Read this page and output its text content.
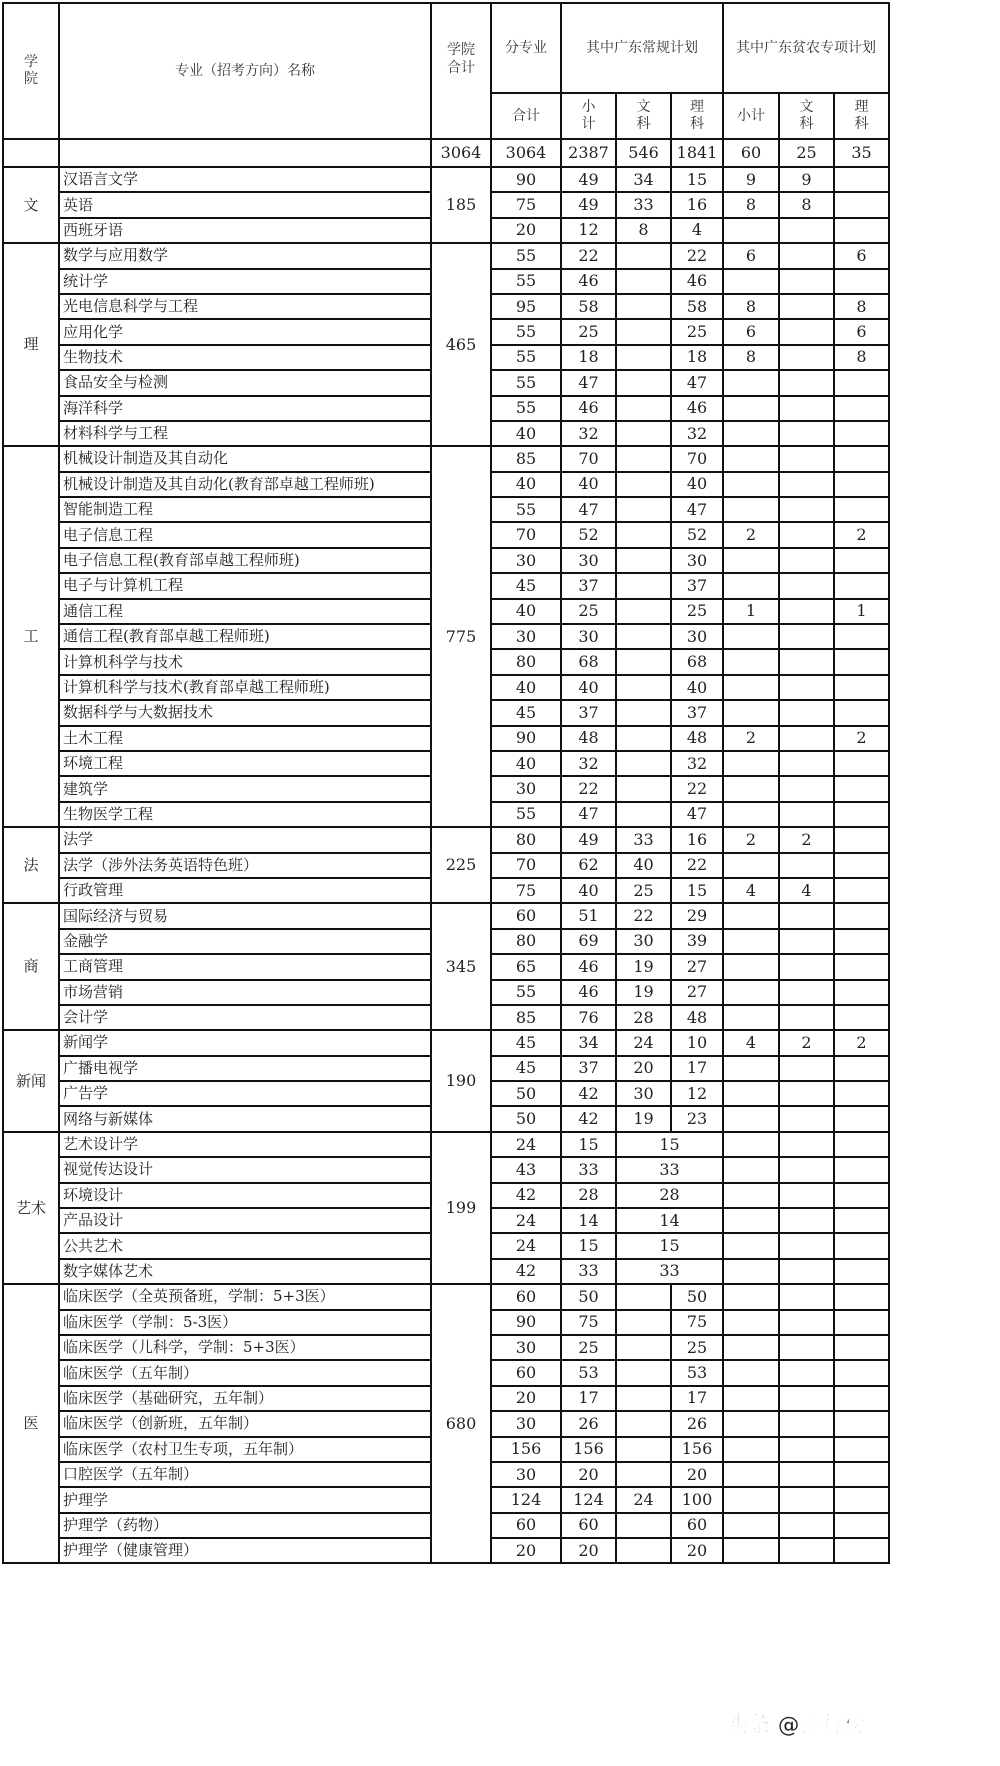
学院	专业（招考方向）名称	学院合计	分专业	其中广东常规计划			其中广东贫农专项计划		
			合计	小计	文科	理科	小计	文科	理科
		3064	3064	2387	546	1841	60	25	35
文	汉语言文学	185	90	49	34	15	9	9	
	英语		75	49	33	16	8	8	
	西班牙语		20	12	8	4			
理	数学与应用数学	465	55	22		22	6		6
	统计学		55	46		46			
	光电信息科学与工程		95	58		58	8		8
	应用化学		55	25		25	6		6
	生物技术		55	18		18	8		8
	食品安全与检测		55	47		47			
	海洋科学		55	46		46			
	材料科学与工程		40	32		32			
工	机械设计制造及其自动化	775	85	70		70			
	机械设计制造及其自动化(教育部卓越工程师班)		40	40		40			
	智能制造工程		55	47		47			
	电子信息工程		70	52		52	2		2
	电子信息工程(教育部卓越工程师班)		30	30		30			
	电子与计算机工程		45	37		37			
	通信工程		40	25		25	1		1
	通信工程(教育部卓越工程师班)		30	30		30			
	计算机科学与技术		80	68		68			
	计算机科学与技术(教育部卓越工程师班)		40	40		40			
	数据科学与大数据技术		45	37		37			
	土木工程		90	48		48	2		2
	环境工程		40	32		32			
	建筑学		30	22		22			
	生物医学工程		55	47		47			
法	法学	225	80	49	33	16	2	2	
	法学（涉外法务英语特色班）		70	62	40	22			
	行政管理		75	40	25	15	4	4	
商	国际经济与贸易	345	60	51	22	29			
	金融学		80	69	30	39			
	工商管理		65	46	19	27			
	市场营销		55	46	19	27			
	会计学		85	76	28	48			
新闻	新闻学	190	45	34	24	10	4	2	2
	广播电视学		45	37	20	17			
	广告学		50	42	30	12			
	网络与新媒体		50	42	19	23			
艺术	艺术设计学	199	24	15	15				
	视觉传达设计		43	33	33				
	环境设计		42	28	28				
	产品设计		24	14	14				
	公共艺术		24	15	15				
	数字媒体艺术		42	33	33				
医	临床医学（全英预备班，学制：5+3医）	680	60	50		50			
	临床医学（学制：5-3医）		90	75		75			
	临床医学（儿科学，学制：5+3医）		30	25		25			
	临床医学（五年制）		60	53		53			
	临床医学（基础研究，五年制）		20	17		17			
	临床医学（创新班，五年制）		30	26		26			
	临床医学（农村卫生专项，五年制）		156	156		156			
	口腔医学（五年制）		30	20		20			
	护理学		124	124	24	100			
	护理学（药物）		60	60		60			
	护理学（健康管理）		20	20		20			
头条 @排行榜
